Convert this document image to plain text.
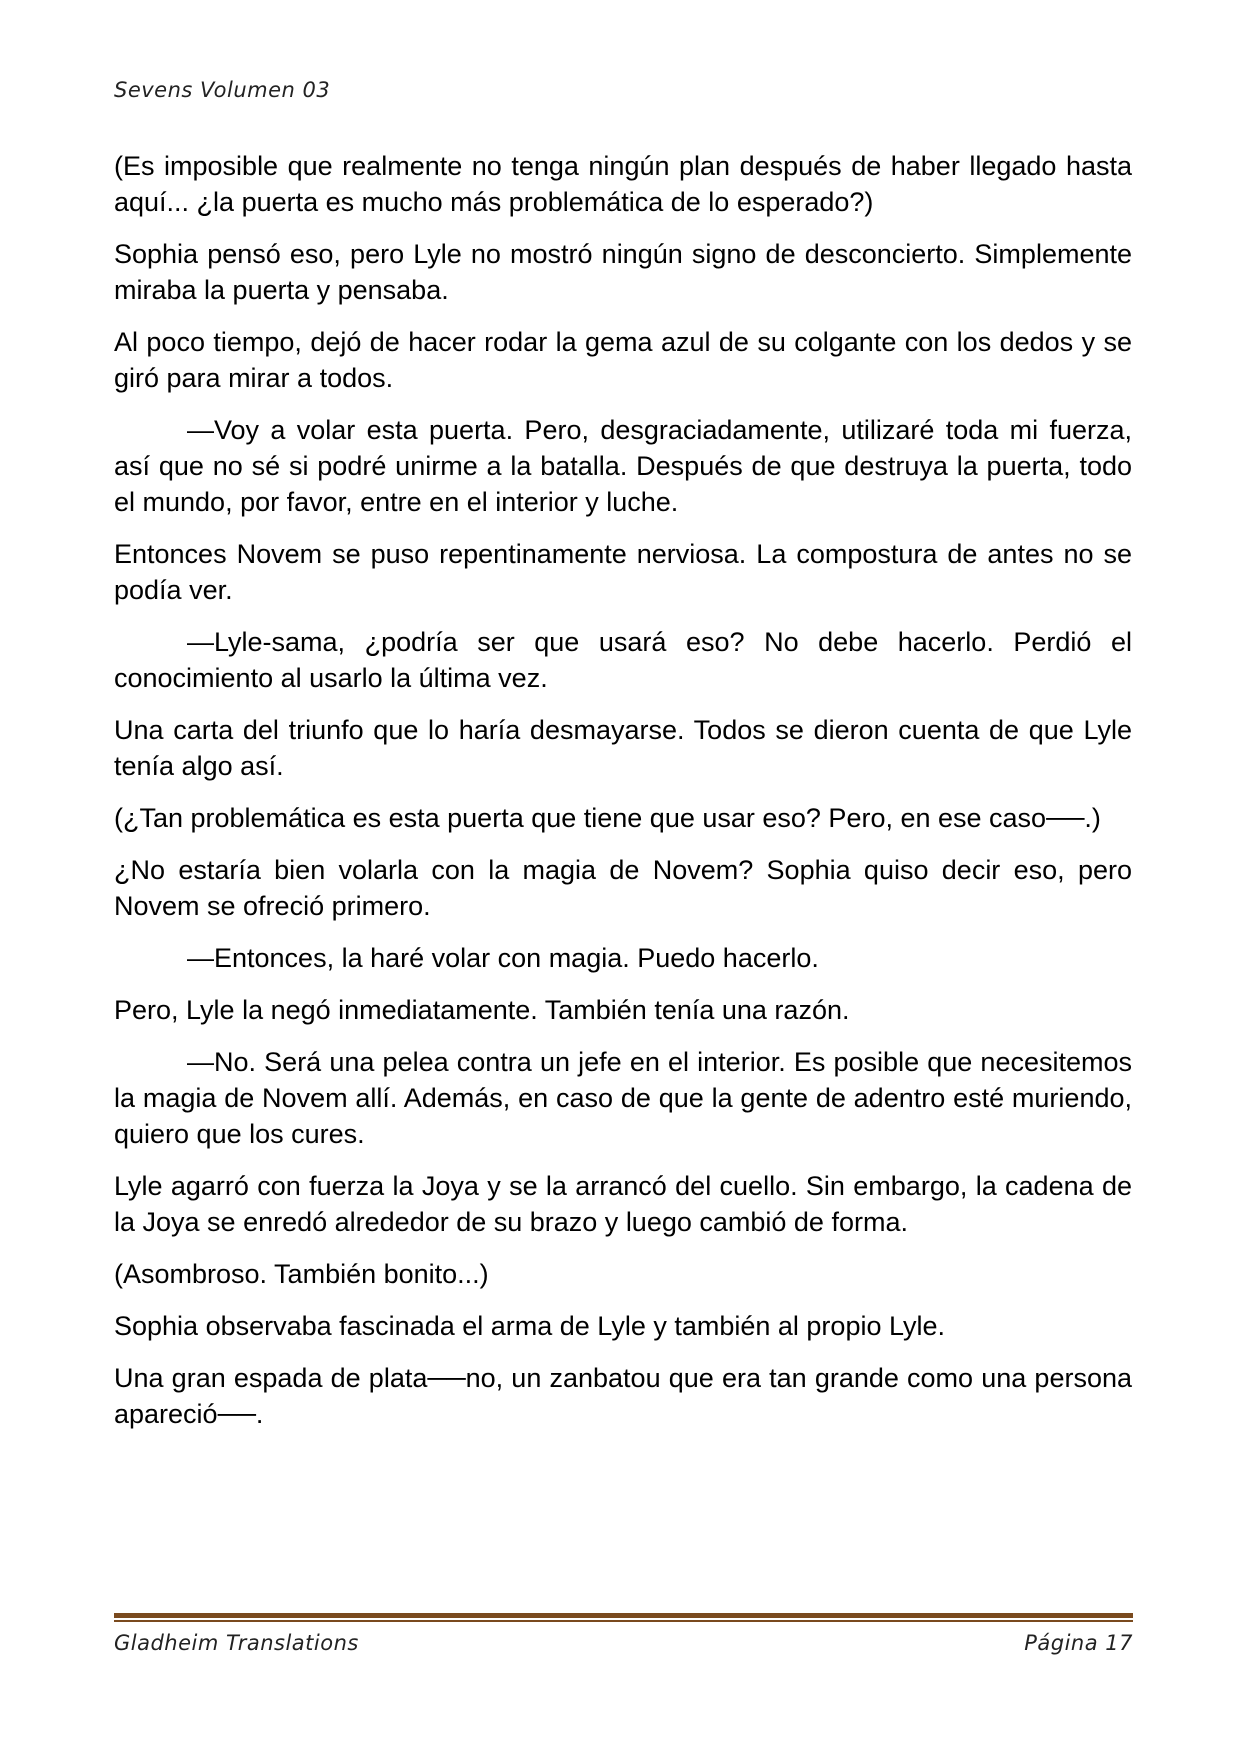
Sevens Volumen 03

(Es imposible que realmente no tenga ningún plan después de haber llegado hasta aquí... ¿la puerta es mucho más problemática de lo esperado?)

Sophia pensó eso, pero Lyle no mostró ningún signo de desconcierto. Simplemente miraba la puerta y pensaba.

Al poco tiempo, dejó de hacer rodar la gema azul de su colgante con los dedos y se giró para mirar a todos.

—Voy a volar esta puerta. Pero, desgraciadamente, utilizaré toda mi fuerza, así que no sé si podré unirme a la batalla. Después de que destruya la puerta, todo el mundo, por favor, entre en el interior y luche.

Entonces Novem se puso repentinamente nerviosa. La compostura de antes no se podía ver.

—Lyle-sama, ¿podría ser que usará eso? No debe hacerlo. Perdió el conocimiento al usarlo la última vez.

Una carta del triunfo que lo haría desmayarse. Todos se dieron cuenta de que Lyle tenía algo así.

(¿Tan problemática es esta puerta que tiene que usar eso? Pero, en ese caso──.)

¿No estaría bien volarla con la magia de Novem? Sophia quiso decir eso, pero Novem se ofreció primero.

—Entonces, la haré volar con magia. Puedo hacerlo.

Pero, Lyle la negó inmediatamente. También tenía una razón.

—No. Será una pelea contra un jefe en el interior. Es posible que necesitemos la magia de Novem allí. Además, en caso de que la gente de adentro esté muriendo, quiero que los cures.

Lyle agarró con fuerza la Joya y se la arrancó del cuello. Sin embargo, la cadena de la Joya se enredó alrededor de su brazo y luego cambió de forma.

(Asombroso. También bonito...)

Sophia observaba fascinada el arma de Lyle y también al propio Lyle.

Una gran espada de plata──no, un zanbatou que era tan grande como una persona apareció──.

Gladheim Translations	Página 17
